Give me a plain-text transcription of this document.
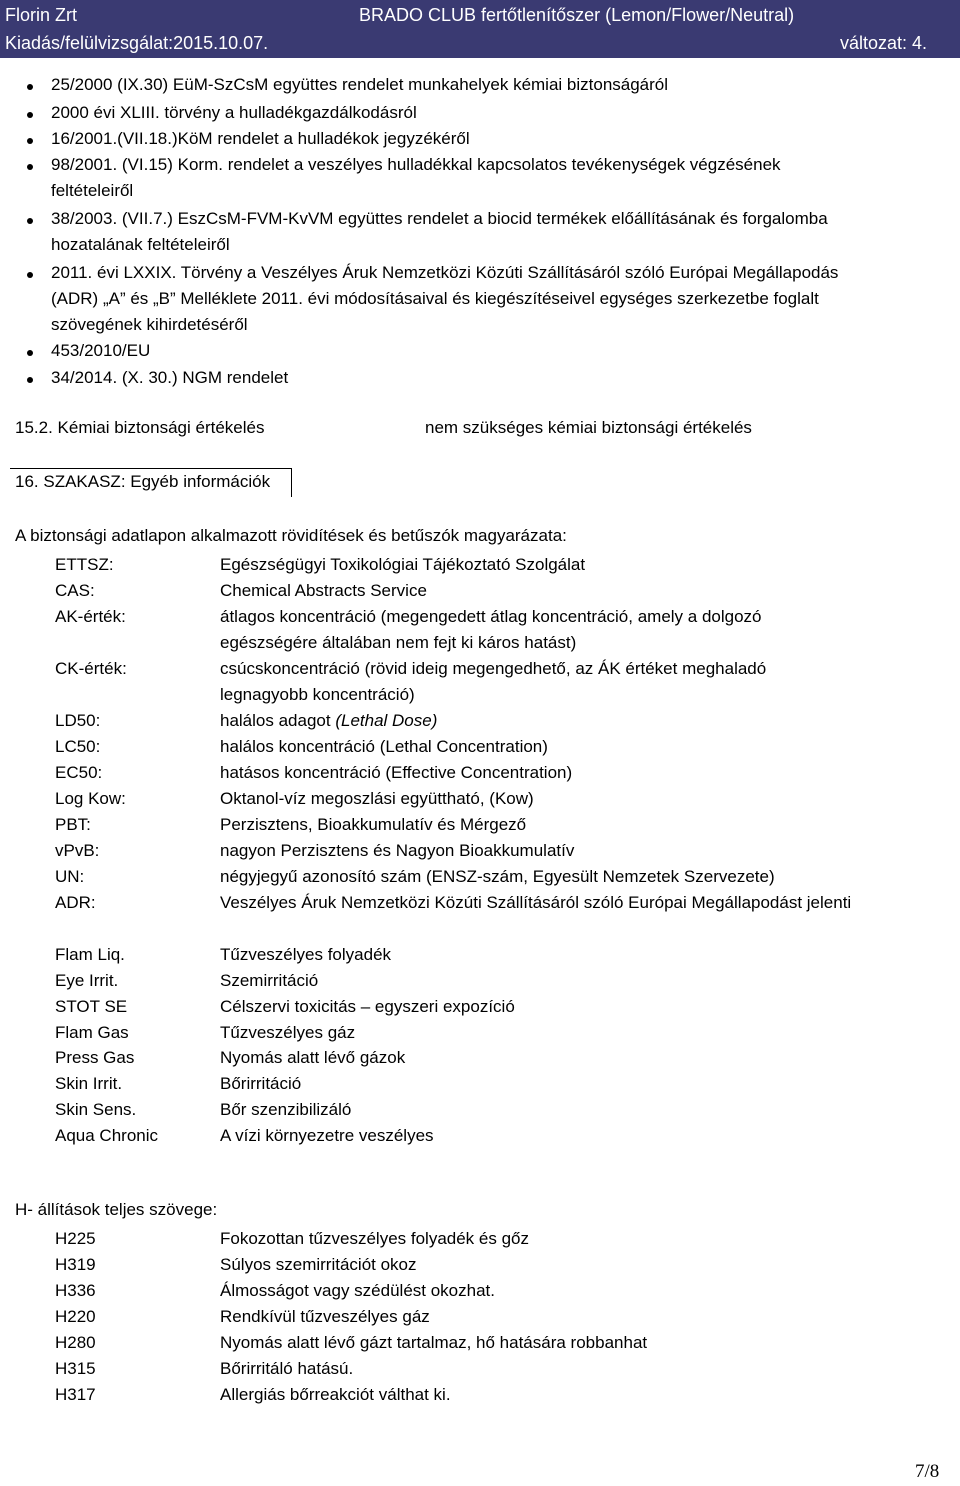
Florin Zrt	BRADO CLUB fertőtlenítőszer (Lemon/Flower/Neutral)
Kiadás/felülvizsgálat:2015.10.07.	változat: 4.
25/2000 (IX.30) EüM-SzCsM együttes rendelet munkahelyek kémiai biztonságáról
2000 évi XLIII. törvény a hulladékgazdálkodásról
16/2001.(VII.18.)KöM rendelet a hulladékok jegyzékéről
98/2001. (VI.15) Korm. rendelet a veszélyes hulladékkal kapcsolatos tevékenységek végzésének
feltételeiről
38/2003. (VII.7.) EszCsM-FVM-KvVM együttes rendelet a biocid termékek előállításának és forgalomba
hozatalának feltételeiről
2011. évi LXXIX. Törvény a Veszélyes Áruk Nemzetközi Közúti Szállításáról szóló Európai Megállapodás
(ADR) „A” és „B” Melléklete 2011. évi módosításaival és kiegészítéseivel egységes szerkezetbe foglalt
szövegének kihirdetéséről
453/2010/EU
34/2014. (X. 30.) NGM rendelet
15.2. Kémiai biztonsági értékelés	nem szükséges kémiai biztonsági értékelés
16. SZAKASZ: Egyéb információk
A biztonsági adatlapon alkalmazott rövidítések és betűszók magyarázata:
ETTSZ:	Egészségügyi Toxikológiai Tájékoztató Szolgálat
CAS:	Chemical Abstracts Service
AK-érték:	átlagos koncentráció (megengedett átlag koncentráció, amely a dolgozó
egészségére általában nem fejt ki káros hatást)
CK-érték:	csúcskoncentráció (rövid ideig megengedhető, az ÁK értéket meghaladó
legnagyobb koncentráció)
LD50:	halálos adagot (Lethal Dose)
LC50:	halálos koncentráció (Lethal Concentration)
EC50:	hatásos koncentráció (Effective Concentration)
Log Kow:	Oktanol-víz megoszlási együttható, (Kow)
PBT:	Perzisztens, Bioakkumulatív és Mérgező
vPvB:	nagyon Perzisztens és Nagyon Bioakkumulatív
UN:	négyjegyű azonosító szám (ENSZ-szám, Egyesült Nemzetek Szervezete)
ADR:	Veszélyes Áruk Nemzetközi Közúti Szállításáról szóló Európai Megállapodást jelenti
Flam Liq.	Tűzveszélyes folyadék
Eye Irrit.	Szemirritáció
STOT SE	Célszervi toxicitás – egyszeri expozíció
Flam Gas	Tűzveszélyes gáz
Press Gas	Nyomás alatt lévő gázok
Skin Irrit.	Bőrirritáció
Skin Sens.	Bőr szenzibilizáló
Aqua Chronic	A vízi környezetre veszélyes
H- állítások teljes szövege:
H225	Fokozottan tűzveszélyes folyadék és gőz
H319	Súlyos szemirritációt okoz
H336	Álmosságot vagy szédülést okozhat.
H220	Rendkívül tűzveszélyes gáz
H280	Nyomás alatt lévő gázt tartalmaz, hő hatására robbanhat
H315	Bőrirritáló hatású.
H317	Allergiás bőrreakciót válthat ki.
7/8
